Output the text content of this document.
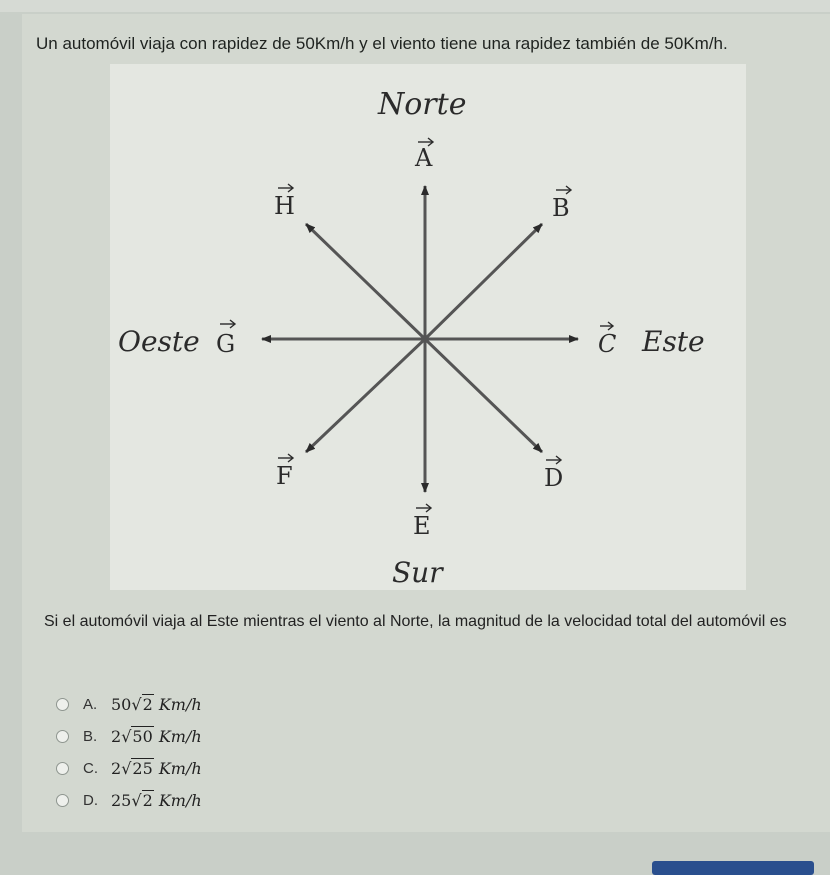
Un automóvil viaja con rapidez de 50Km/h y el viento tiene una rapidez también de 50Km/h.
Norte
Sur
Oeste	Este
A
H	B
G	C
F	D
E
Si el automóvil viaja al Este mientras el viento al Norte, la magnitud de la velocidad total del automóvil es
A. 50√2 Km/h
B. 2√50 Km/h
C. 2√25 Km/h
D. 25√2 Km/h
